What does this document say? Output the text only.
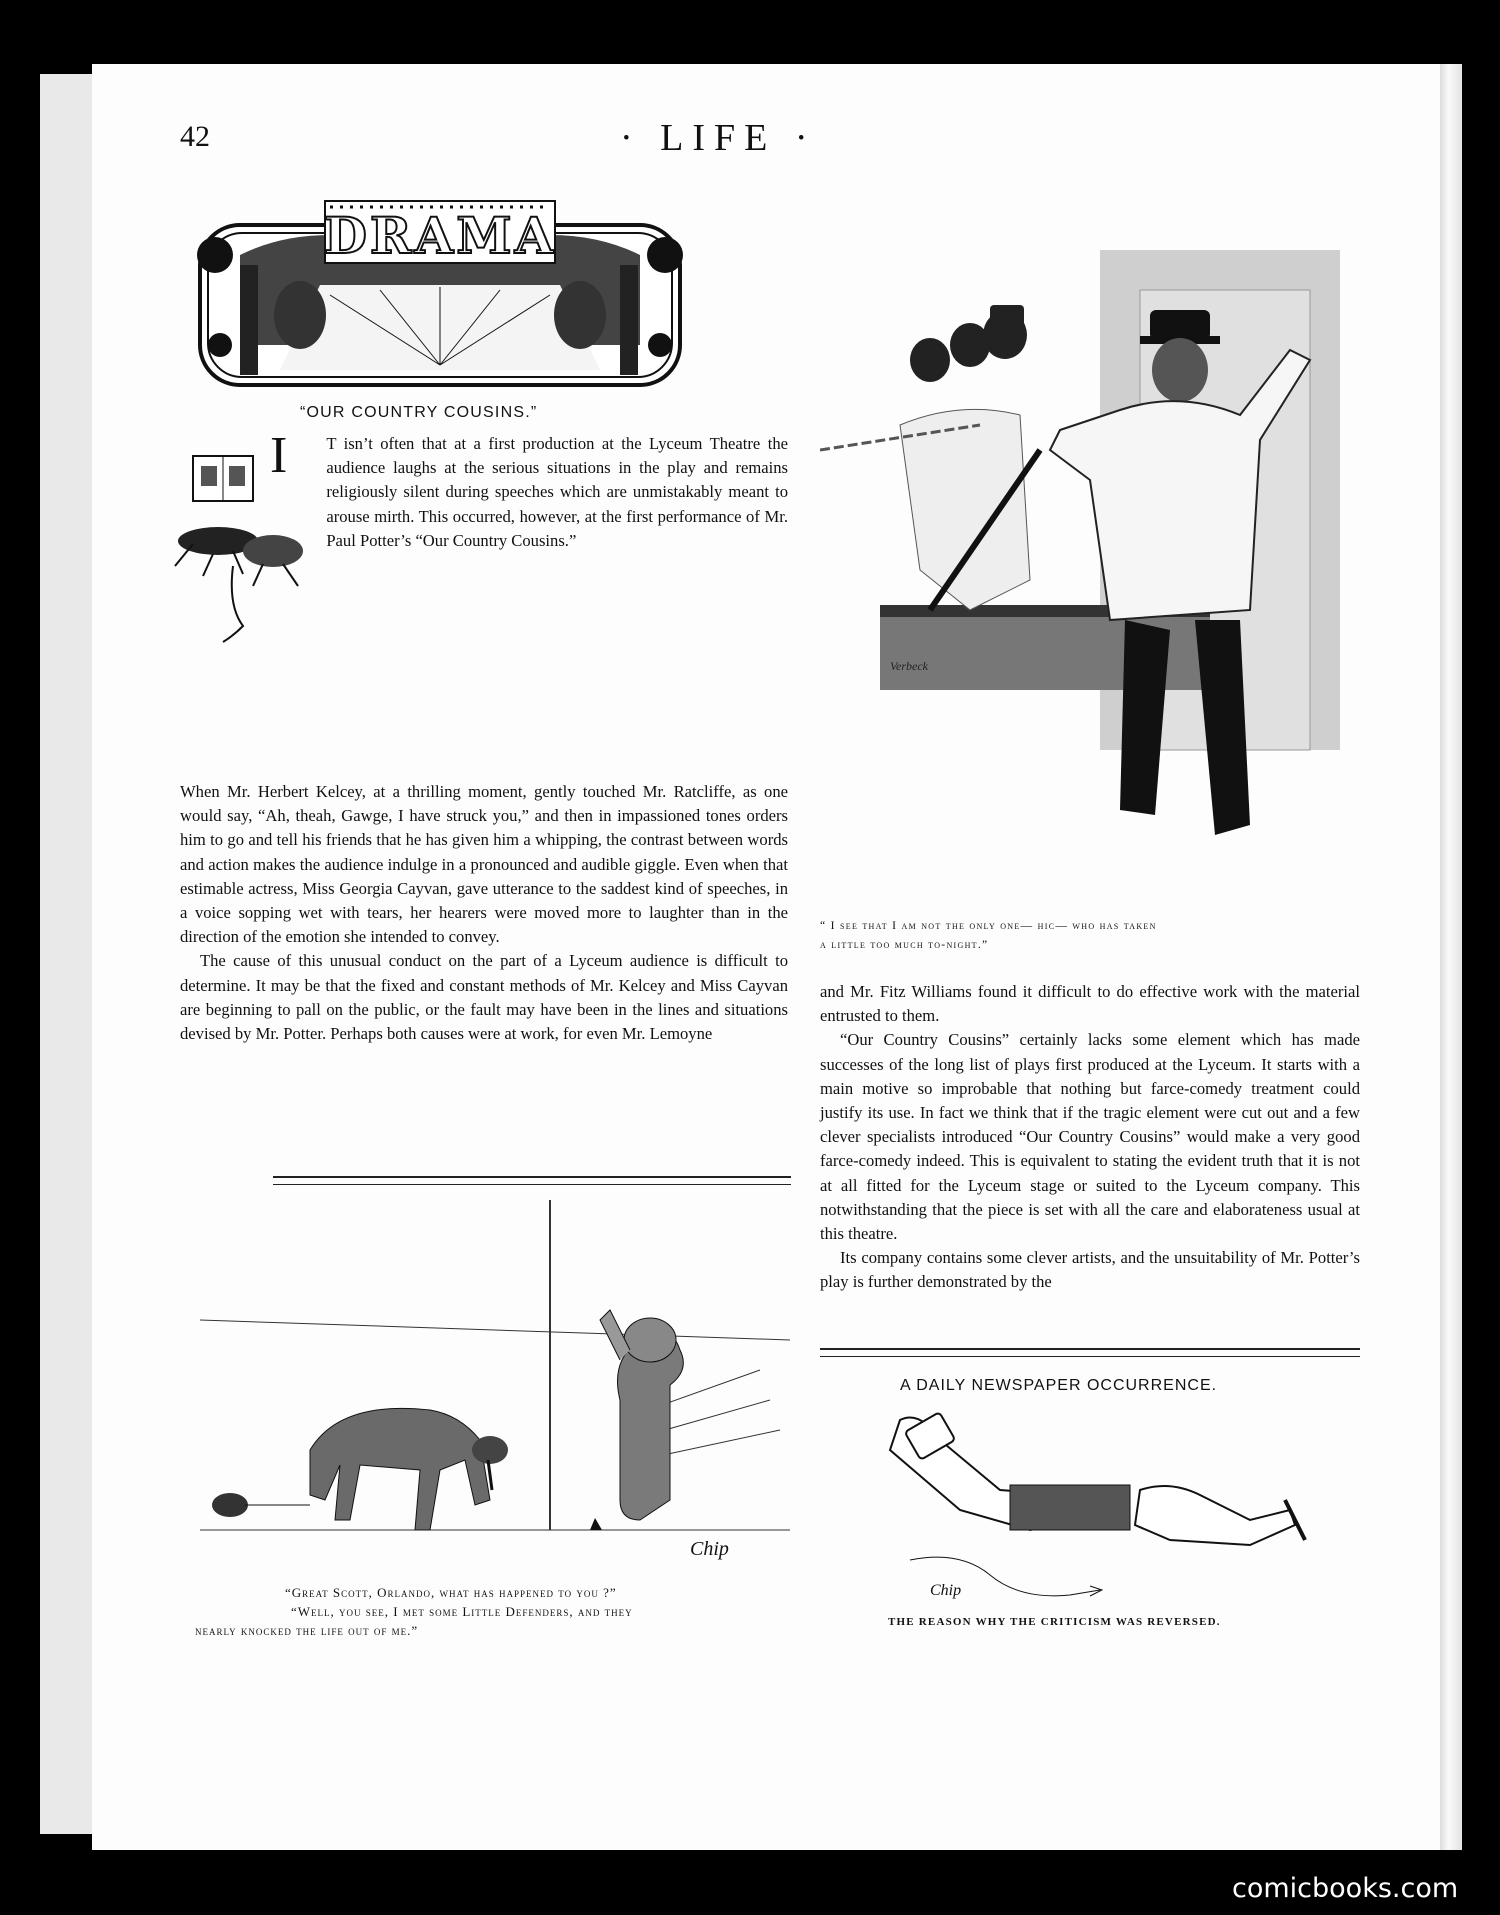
42	· LIFE ·
DRAMA
“OUR COUNTRY COUSINS.”
I	T isn’t often that at a first production at the Lyceum Theatre the audience laughs at the serious situations in the play and remains religiously silent during speeches which are unmistakably meant to arouse mirth. This occurred, however, at the first performance of Mr. Paul Potter’s “Our Country Cousins.”

When Mr. Herbert Kelcey, at a thrilling moment, gently touched Mr. Ratcliffe, as one would say, “Ah, theah, Gawge, I have struck you,” and then in impassioned tones orders him to go and tell his friends that he has given him a whipping, the contrast between words and action makes the audience indulge in a pronounced and audible giggle. Even when that estimable actress, Miss Georgia Cayvan, gave utterance to the saddest kind of speeches, in a voice sopping wet with tears, her hearers were moved more to laughter than in the direction of the emotion she intended to convey.

The cause of this unusual conduct on the part of a Lyceum audience is difficult to determine. It may be that the fixed and constant methods of Mr. Kelcey and Miss Cayvan are beginning to pall on the public, or the fault may have been in the lines and situations devised by Mr. Potter. Perhaps both causes were at work, for even Mr. Lemoyne

Verbeck
“ I see that I am not the only one— hic— who has taken
a little too much to-night.”

and Mr. Fitz Williams found it difficult to do effective work with the material entrusted to them.

“Our Country Cousins” certainly lacks some element which has made successes of the long list of plays first produced at the Lyceum. It starts with a main motive so improbable that nothing but farce-comedy treatment could justify its use. In fact we think that if the tragic element were cut out and a few clever specialists introduced “Our Country Cousins” would make a very good farce-comedy indeed. This is equivalent to stating the evident truth that it is not at all fitted for the Lyceum stage or suited to the Lyceum company. This notwithstanding that the piece is set with all the care and elaborateness usual at this theatre.

Its company contains some clever artists, and the unsuitability of Mr. Potter’s play is further demonstrated by the

Chip
“Great Scott, Orlando, what has happened to you ?”
“Well, you see, I met some Little Defenders, and they
nearly knocked the life out of me.”
A DAILY NEWSPAPER OCCURRENCE.
Chip
THE REASON WHY THE CRITICISM WAS REVERSED.
comicbooks.com
